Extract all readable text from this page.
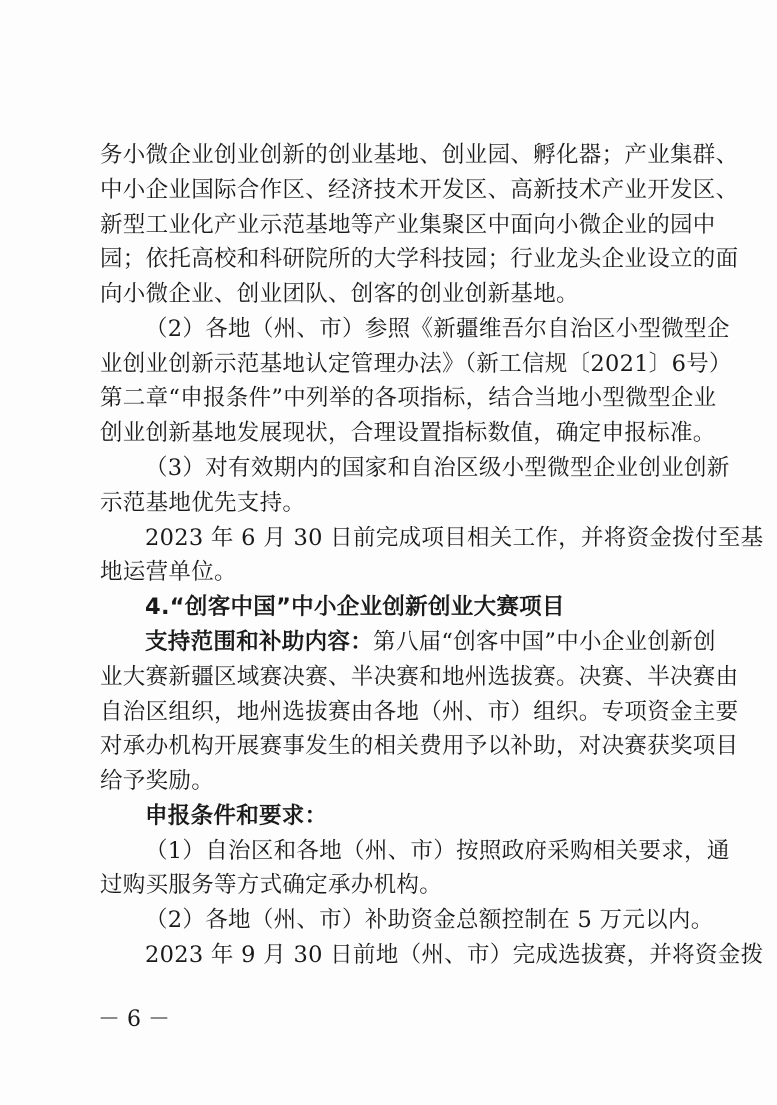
务小微企业创业创新的创业基地、创业园、孵化器；产业集群、
中小企业国际合作区、经济技术开发区、高新技术产业开发区、
新型工业化产业示范基地等产业集聚区中面向小微企业的园中
园；依托高校和科研院所的大学科技园；行业龙头企业设立的面
向小微企业、创业团队、创客的创业创新基地。
（2）各地（州、市）参照《新疆维吾尔自治区小型微型企
业创业创新示范基地认定管理办法》（新工信规〔2021〕6号）
第二章“申报条件”中列举的各项指标，结合当地小型微型企业
创业创新基地发展现状，合理设置指标数值，确定申报标准。
（3）对有效期内的国家和自治区级小型微型企业创业创新
示范基地优先支持。
2023 年 6 月 30 日前完成项目相关工作，并将资金拨付至基
地运营单位。
4.“创客中国”中小企业创新创业大赛项目
支持范围和补助内容：第八届“创客中国”中小企业创新创
业大赛新疆区域赛决赛、半决赛和地州选拔赛。决赛、半决赛由
自治区组织，地州选拔赛由各地（州、市）组织。专项资金主要
对承办机构开展赛事发生的相关费用予以补助，对决赛获奖项目
给予奖励。
申报条件和要求：
（1）自治区和各地（州、市）按照政府采购相关要求，通
过购买服务等方式确定承办机构。
（2）各地（州、市）补助资金总额控制在 5 万元以内。
2023 年 9 月 30 日前地（州、市）完成选拔赛，并将资金拨
－ 6 －
